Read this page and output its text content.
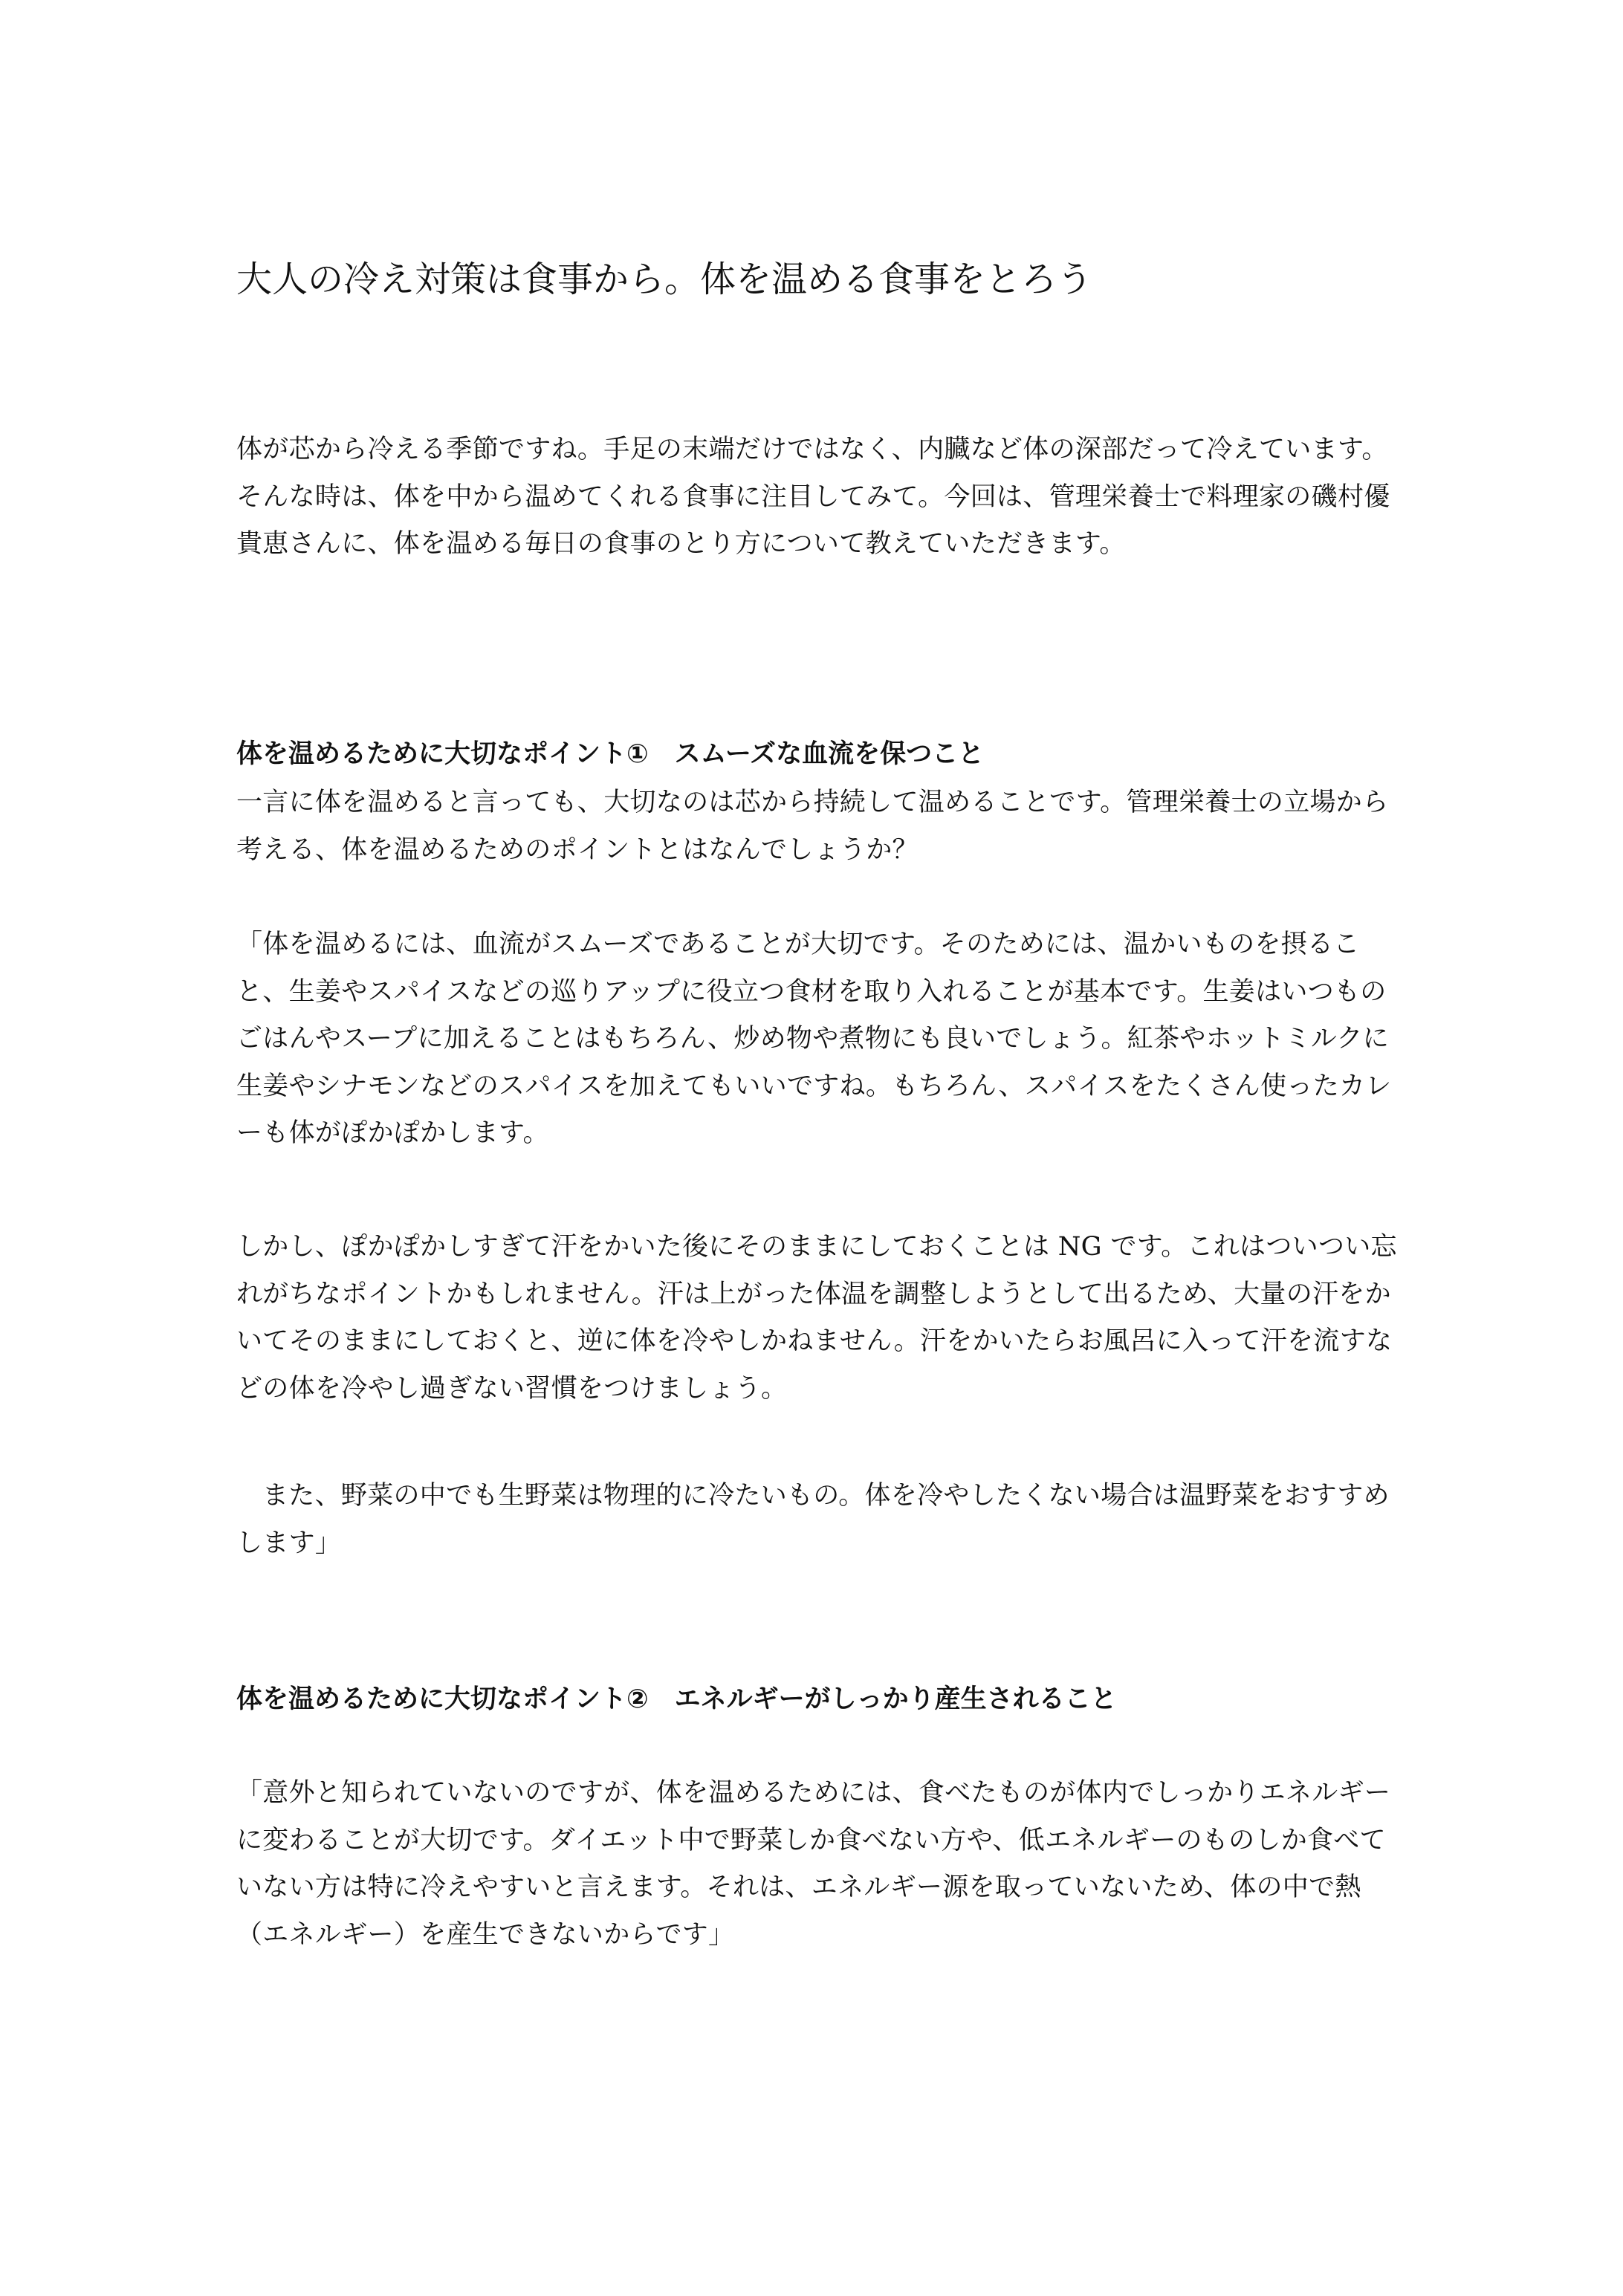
大人の冷え対策は食事から。体を温める食事をとろう

体が芯から冷える季節ですね。手足の末端だけではなく、内臓など体の深部だって冷えています。そんな時は、体を中から温めてくれる食事に注目してみて。今回は、管理栄養士で料理家の磯村優貴恵さんに、体を温める毎日の食事のとり方について教えていただきます。

体を温めるために大切なポイント①　スムーズな血流を保つこと

一言に体を温めると言っても、大切なのは芯から持続して温めることです。管理栄養士の立場から考える、体を温めるためのポイントとはなんでしょうか？

「体を温めるには、血流がスムーズであることが大切です。そのためには、温かいものを摂ること、生姜やスパイスなどの巡りアップに役立つ食材を取り入れることが基本です。生姜はいつものごはんやスープに加えることはもちろん、炒め物や煮物にも良いでしょう。紅茶やホットミルクに生姜やシナモンなどのスパイスを加えてもいいですね。もちろん、スパイスをたくさん使ったカレーも体がぽかぽかします。

しかし、ぽかぽかしすぎて汗をかいた後にそのままにしておくことは NG です。これはついつい忘れがちなポイントかもしれません。汗は上がった体温を調整しようとして出るため、大量の汗をかいてそのままにしておくと、逆に体を冷やしかねません。汗をかいたらお風呂に入って汗を流すなどの体を冷やし過ぎない習慣をつけましょう。

また、野菜の中でも生野菜は物理的に冷たいもの。体を冷やしたくない場合は温野菜をおすすめします」

体を温めるために大切なポイント②　エネルギーがしっかり産生されること

「意外と知られていないのですが、体を温めるためには、食べたものが体内でしっかりエネルギーに変わることが大切です。ダイエット中で野菜しか食べない方や、低エネルギーのものしか食べていない方は特に冷えやすいと言えます。それは、エネルギー源を取っていないため、体の中で熱（エネルギー）を産生できないからです」
